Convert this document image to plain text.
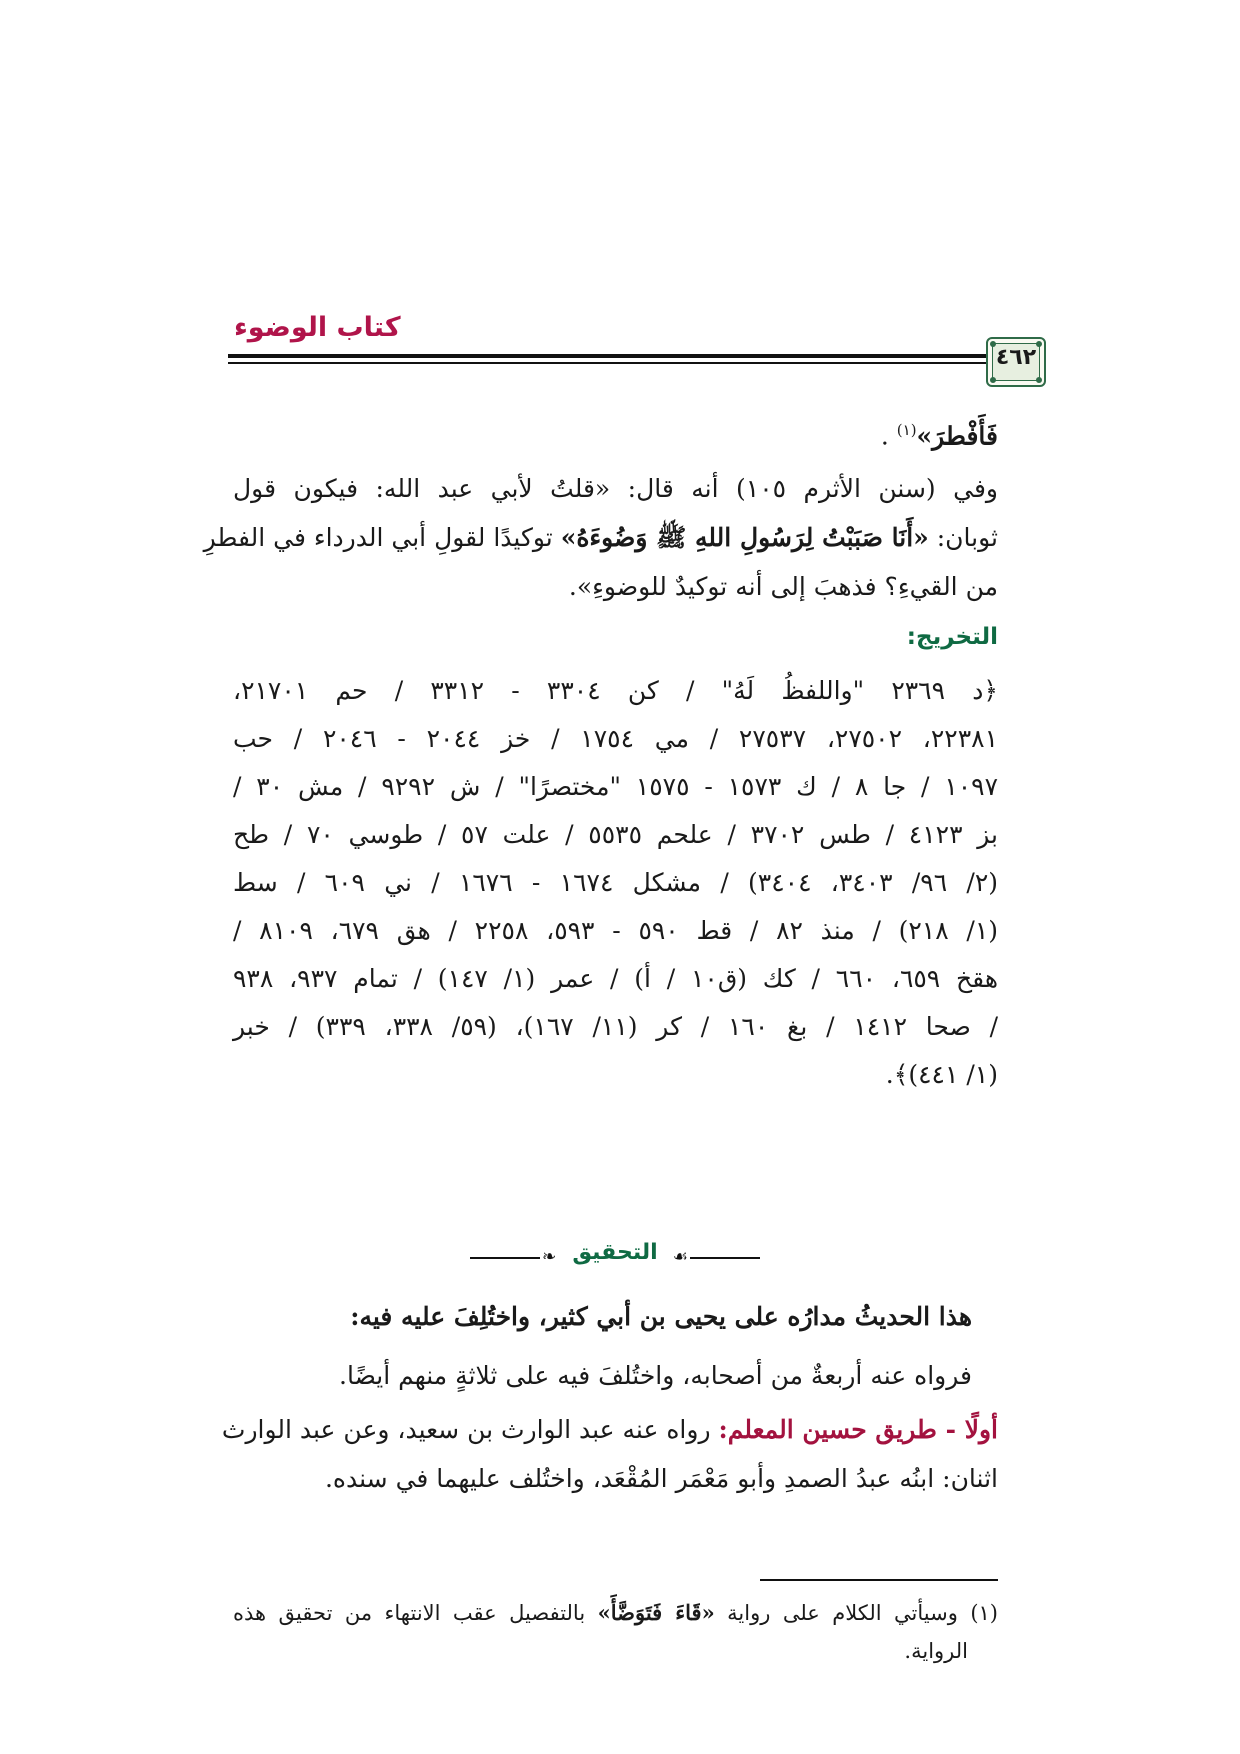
كتاب الوضوء
٤٦٢
فَأَفْطرَ»$^{(١)}$ .
وفي (سنن الأثرم ١٠٥) أنه قال: «قلتُ لأبي عبد الله: فيكون قول
ثوبان: «أَنَا صَبَبْتُ لِرَسُولِ اللهِ ﷺ وَضُوءَهُ» توكيدًا لقولِ أبي الدرداء في الفطرِ
من القيءِ؟ فذهبَ إلى أنه توكيدٌ للوضوءِ».
التخريج:
﴿د ٢٣٦٩ "واللفظُ لَهُ" / كن ٣٣٠٤ - ٣٣١٢ / حم ٢١٧٠١،
٢٢٣٨١، ٢٧٥٠٢، ٢٧٥٣٧ / مي ١٧٥٤ / خز ٢٠٤٤ - ٢٠٤٦ / حب
١٠٩٧ / جا ٨ / ك ١٥٧٣ - ١٥٧٥ "مختصرًا" / ش ٩٢٩٢ / مش ٣٠ /
بز ٤١٢٣ / طس ٣٧٠٢ / علحم ٥٥٣٥ / علت ٥٧ / طوسي ٧٠ / طح
(٢/ ٩٦/ ٣٤٠٣، ٣٤٠٤) / مشكل ١٦٧٤ - ١٦٧٦ / ني ٦٠٩ / سط
(١/ ٢١٨) / منذ ٨٢ / قط ٥٩٠ - ٥٩٣، ٢٢٥٨ / هق ٦٧٩، ٨١٠٩ /
هقخ ٦٥٩، ٦٦٠ / كك (ق١٠ / أ) / عمر (١/ ١٤٧) / تمام ٩٣٧، ٩٣٨
/ صحا ١٤١٢ / بغ ١٦٠ / كر (١١/ ١٦٧)، (٥٩/ ٣٣٨، ٣٣٩) / خبر
(١/ ٤٤١)﴾.
❧ التحقيق ☙
هذا الحديثُ مدارُه على يحيى بن أبي كثير، واختُلِفَ عليه فيه:
فرواه عنه أربعةٌ من أصحابه، واختُلفَ فيه على ثلاثةٍ منهم أيضًا.
أولًا - طريق حسين المعلم: رواه عنه عبد الوارث بن سعيد، وعن عبد الوارث
اثنان: ابنُه عبدُ الصمدِ وأبو مَعْمَر المُقْعَد، واختُلف عليهما في سنده.
(١) وسيأتي الكلام على رواية «قَاءَ فَتَوَضَّأَ» بالتفصيل عقب الانتهاء من تحقيق هذه
الرواية.
